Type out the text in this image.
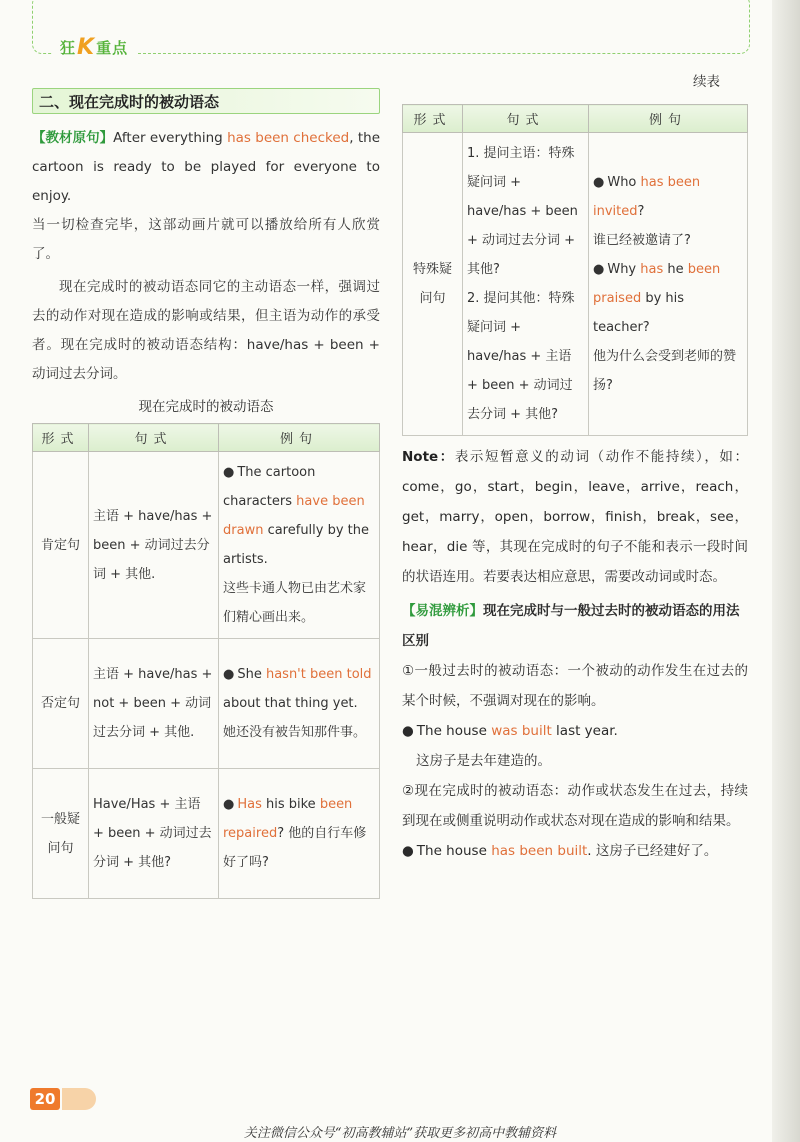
狂 K 重点
二、现在完成时的被动语态

【教材原句】After everything has been checked, the cartoon is ready to be played for everyone to enjoy.
当一切检查完毕，这部动画片就可以播放给所有人欣赏了。

现在完成时的被动语态同它的主动语态一样，强调过去的动作对现在造成的影响或结果，但主语为动作的承受者。现在完成时的被动语态结构：have/has + been + 动词过去分词。

现在完成时的被动语态
形式	句式	例句
肯定句	主语 + have/has + been + 动词过去分词 + 其他.	● The cartoon characters have been drawn carefully by the artists.
这些卡通人物已由艺术家们精心画出来。
否定句	主语 + have/has + not + been + 动词过去分词 + 其他.	● She hasn't been told about that thing yet.
她还没有被告知那件事。
一般疑问句	Have/Has + 主语 + been + 动词过去分词 + 其他?	● Has his bike been repaired? 他的自行车修好了吗?
续表
形式	句式	例句
特殊疑问句	1. 提问主语：特殊疑问词 + have/has + been + 动词过去分词 + 其他?
2. 提问其他：特殊疑问词 + have/has + 主语 + been + 动词过去分词 + 其他?	● Who has been invited?
谁已经被邀请了?
● Why has he been praised by his teacher?
他为什么会受到老师的赞扬?

Note：表示短暂意义的动词（动作不能持续），如：come，go，start，begin，leave，arrive，reach，get，marry，open，borrow，finish，break，see，hear，die 等，其现在完成时的句子不能和表示一段时间的状语连用。若要表达相应意思，需要改动词或时态。

【易混辨析】现在完成时与一般过去时的被动语态的用法区别

①一般过去时的被动语态：一个被动的动作发生在过去的某个时候，不强调对现在的影响。

● The house was built last year.

这房子是去年建造的。

②现在完成时的被动语态：动作或状态发生在过去，持续到现在或侧重说明动作或状态对现在造成的影响和结果。

● The house has been built. 这房子已经建好了。

20
关注微信公众号“初高教辅站”获取更多初高中教辅资料
